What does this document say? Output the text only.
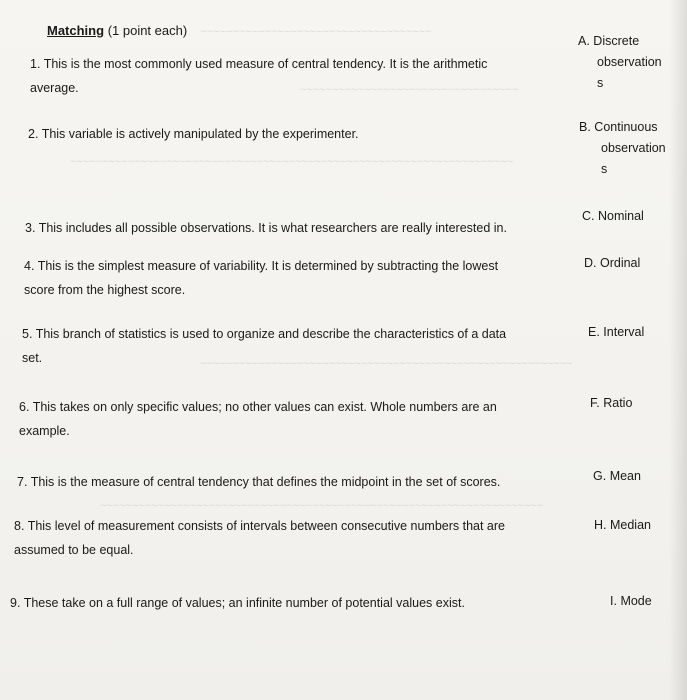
~~~~~~~~~~~~~~~~~~~~~~~~~~~~~~~~~~~~
~~~~~~~~~~~~~~~~~~~~~~~~~~~~~~~~~~
~~~~~~~~~~~~~~~~~~~~~~~~~~~~~~~~~~~~~~~~~~~~~~~~~~~~~~~~~~~~~~~~~~~~~
~~~~~~~~~~~~~~~~~~~~~~~~~~~~~~~~~~~~~~~~~~~~~~~~~~~~~~~~~~
~~~~~~~~~~~~~~~~~~~~~~~~~~~~~~~~~~~~~~~~~~~~~~~~~~~~~~~~~~~~~~~~~~~~~
Matching (1 point each)
1. This is the most commonly used measure of central tendency. It is the arithmetic
average.
2. This variable is actively manipulated by the experimenter.
3. This includes all possible observations. It is what researchers are really interested in.
4. This is the simplest measure of variability. It is determined by subtracting the lowest
score from the highest score.
5. This branch of statistics is used to organize and describe the characteristics of a data
set.
6. This takes on only specific values; no other values can exist. Whole numbers are an
example.
7. This is the measure of central tendency that defines the midpoint in the set of scores.
8. This level of measurement consists of intervals between consecutive numbers that are
assumed to be equal.
9. These take on a full range of values; an infinite number of potential values exist.
A. Discrete
observation
s
B. Continuous
observation
s
C. Nominal
D. Ordinal
E. Interval
F. Ratio
G. Mean
H. Median
I. Mode
